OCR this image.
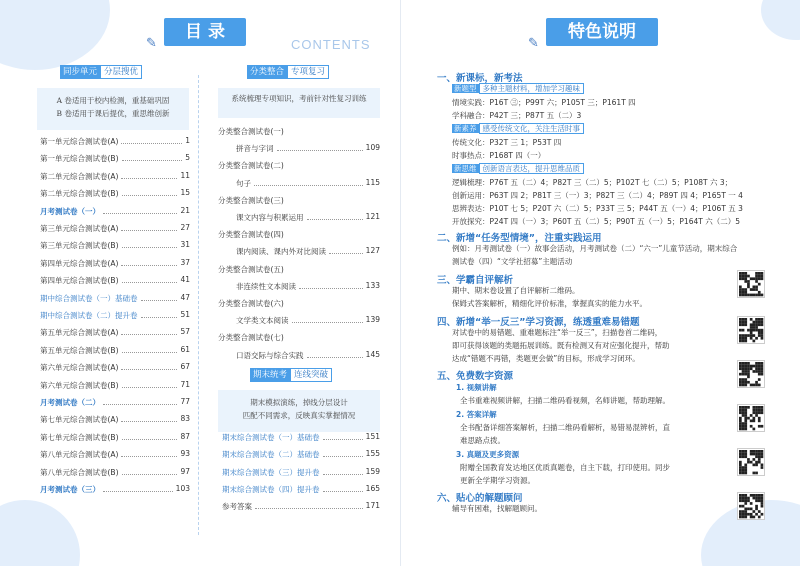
✎
目 录
CONTENTS
同步单元 分层搜优
A 卷适用于校内检测，重基础巩固
B 卷适用于课后提优，重思维创新
第一单元综合测试卷(A)	1
第一单元综合测试卷(B)	5
第二单元综合测试卷(A)	11
第二单元综合测试卷(B)	15
月考测试卷（一）	21
第三单元综合测试卷(A)	27
第三单元综合测试卷(B)	31
第四单元综合测试卷(A)	37
第四单元综合测试卷(B)	41
期中综合测试卷（一）基础卷	47
期中综合测试卷（二）提升卷	51
第五单元综合测试卷(A)	57
第五单元综合测试卷(B)	61
第六单元综合测试卷(A)	67
第六单元综合测试卷(B)	71
月考测试卷（二）	77
第七单元综合测试卷(A)	83
第七单元综合测试卷(B)	87
第八单元综合测试卷(A)	93
第八单元综合测试卷(B)	97
月考测试卷（三）	103
分类整合 专项复习
系统梳理专项知识，考前针对性复习训练
分类整合测试卷(一)
拼音与字词	109
分类整合测试卷(二)
句子	115
分类整合测试卷(三)
课文内容与积累运用	121
分类整合测试卷(四)
课内阅读、课内外对比阅读	127
分类整合测试卷(五)
非连续性文本阅读	133
分类整合测试卷(六)
文学类文本阅读	139
分类整合测试卷(七)
口语交际与综合实践	145
期末统考 连线突破
期末模拟演练，掉线分层设计
匹配不同需求，反映真实掌握情况
期末综合测试卷（一）基础卷	151
期末综合测试卷（二）基础卷	155
期末综合测试卷（三）提升卷	159
期末综合测试卷（四）提升卷	165
参考答案	171
✎
特色说明
一、新课标，新考法
新题型 多种主题材料，增加学习趣味
情境实践：P16T ㊂；P99T 六；P105T 三；P161T 四
学科融合：P42T 三；P87T 五（二）3
新素养 感受传统文化，关注生活时事
传统文化：P32T 三 1；P53T 四
时事热点：P168T 四（一）
新思维 创新语言表达，提升思维品质
逻辑梳理：P76T 五（二）4；P82T 三（二）5；P102T 七（二）5；P108T 六 3；
创新运用：P63T 四 2；P81T 三（一）3；P82T 三（二）4；P89T 四 4；P165T 一 4
思辨表达：P10T 七 5；P20T 六（二）5；P33T 三 5；P44T 五（一）4；P106T 五 3
开放探究：P24T 四（一）3；P60T 五（二）5；P90T 五（一）5；P164T 六（二）5
二、新增“任务型情境”，注重实践运用
例如：月考测试卷（一）故事会活动，月考测试卷（二）“六一”儿童节活动，期末综合
测试卷（四）“文学社招募”主题活动
三、学霸自评解析
期中、期末卷设置了自评解析二维码。
保姆式答案解析，精细化评价标准，掌握真实的能力水平。
四、新增“举一反三”学习资源，练透重难易错题
对试卷中的易错题、重难题标注“举一反三”，扫描卷首二维码，
即可获得该题的类题拓展训练。既有检测又有对应强化提升，帮助
达成“错题不再错，类题更会做”的目标，形成学习闭环。
五、免费数字资源
1. 视频讲解
全书重难视频讲解，扫描二维码看视频，名师讲题，帮助理解。
2. 答案详解
全书配备详细答案解析，扫描二维码看解析，易错易混辨析，直
难思路点拨。
3. 真题及更多资源
附赠全国教育发达地区优质真题卷，自主下载，打印使用。同步
更新全学期学习资源。
六、贴心的解题顾问
辅导有困难，找解题顾问。
